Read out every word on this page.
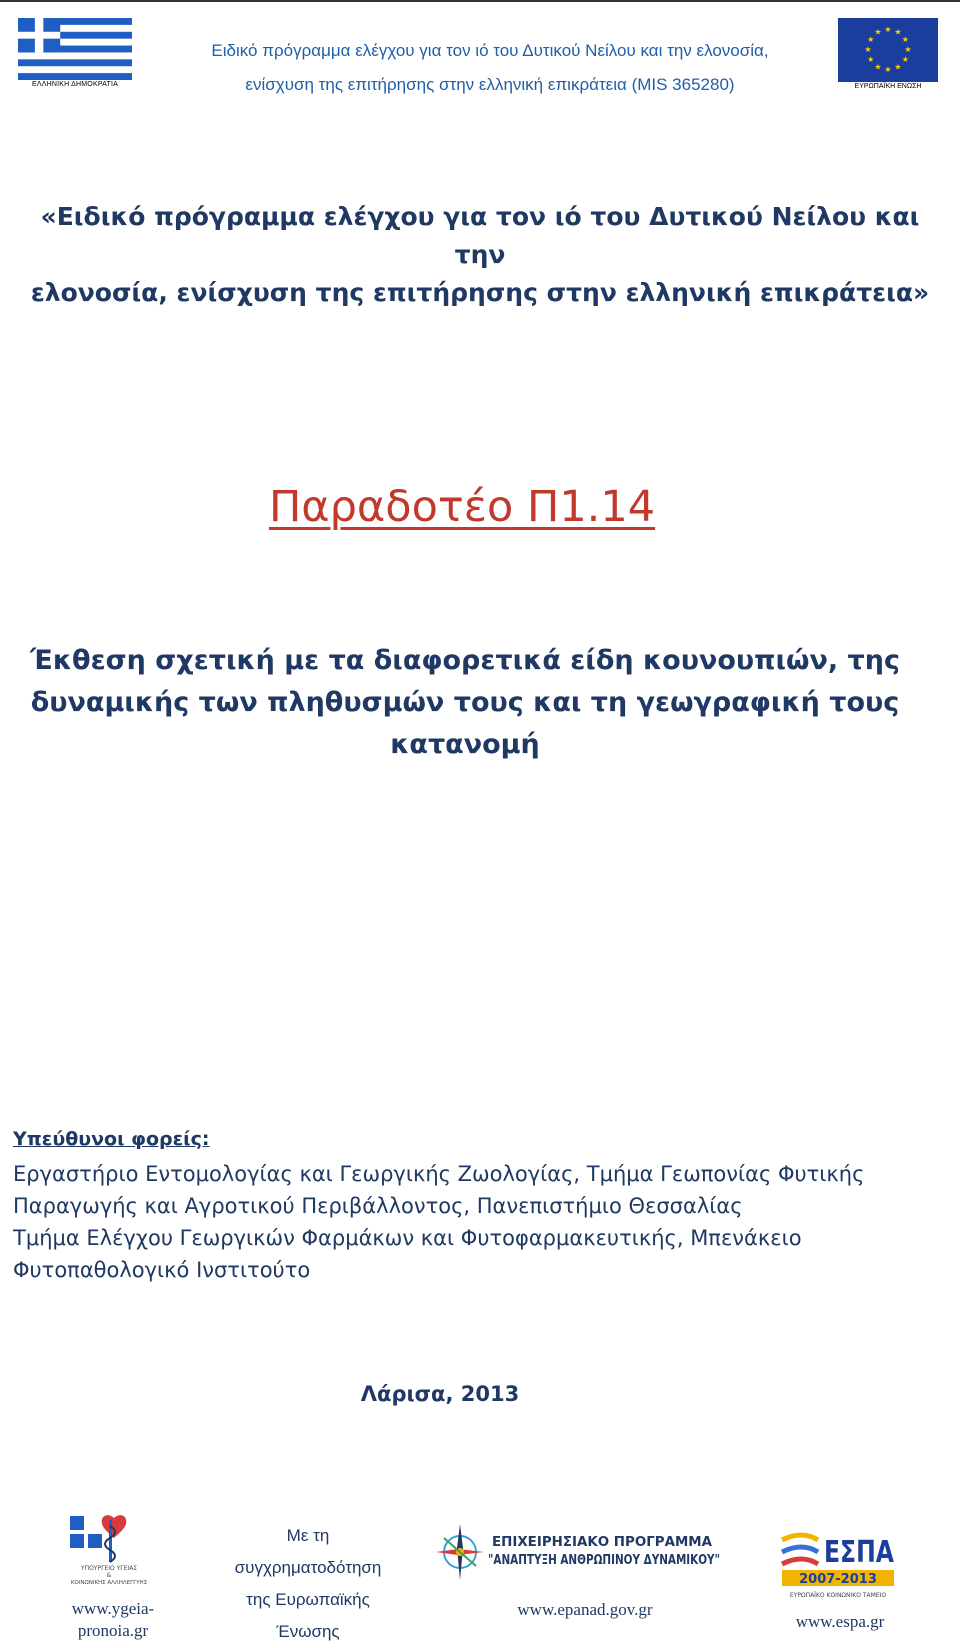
ΕΛΛΗΝΙΚΗ ΔΗΜΟΚΡΑΤΙΑ
Ειδικό πρόγραμμα ελέγχου για τον ιό του Δυτικού Νείλου και την ελονοσία,
ενίσχυση της επιτήρησης στην ελληνική επικράτεια (MIS 365280)
★ ★
★
★
★
★
★
★
★
★
★
★
ΕΥΡΩΠΑΪΚΗ ΕΝΩΣΗ
«Ειδικό πρόγραμμα ελέγχου για τον ιό του Δυτικού Νείλου και την
ελονοσία, ενίσχυση της επιτήρησης στην ελληνική επικράτεια»
Παραδοτέο Π1.14
Έκθεση σχετική με τα διαφορετικά είδη κουνουπιών, της
δυναμικής των πληθυσμών τους και τη γεωγραφική τους
κατανομή
Υπεύθυνοι φορείς:
Εργαστήριο Εντομολογίας και Γεωργικής Ζωολογίας, Τμήμα Γεωπονίας Φυτικής
Παραγωγής και Αγροτικού Περιβάλλοντος, Πανεπιστήμιο Θεσσαλίας
Τμήμα Ελέγχου Γεωργικών Φαρμάκων και Φυτοφαρμακευτικής, Μπενάκειο
Φυτοπαθολογικό Ινστιτούτο
Λάρισα, 2013
ΥΠΟΥΡΓΕΙΟ ΥΓΕΙΑΣ
&
ΚΟΙΝΩΝΙΚΗΣ ΑΛΛΗΛΕΓΓΥΗΣ
www.ygeia-
pronoia.gr
Με τη
συγχρηματοδότηση
της Ευρωπαϊκής
Ένωσης
ΕΠΙΧΕΙΡΗΣΙΑΚΟ ΠΡΟΓΡΑΜΜΑ
"ΑΝΑΠΤΥΞΗ ΑΝΘΡΩΠΙΝΟΥ ΔΥΝΑΜΙΚΟΥ"
www.epanad.gov.gr
ΕΣΠΑ
2007-2013
ΕΥΡΩΠΑΪΚΟ ΚΟΙΝΩΝΙΚΟ ΤΑΜΕΙΟ
www.espa.gr
